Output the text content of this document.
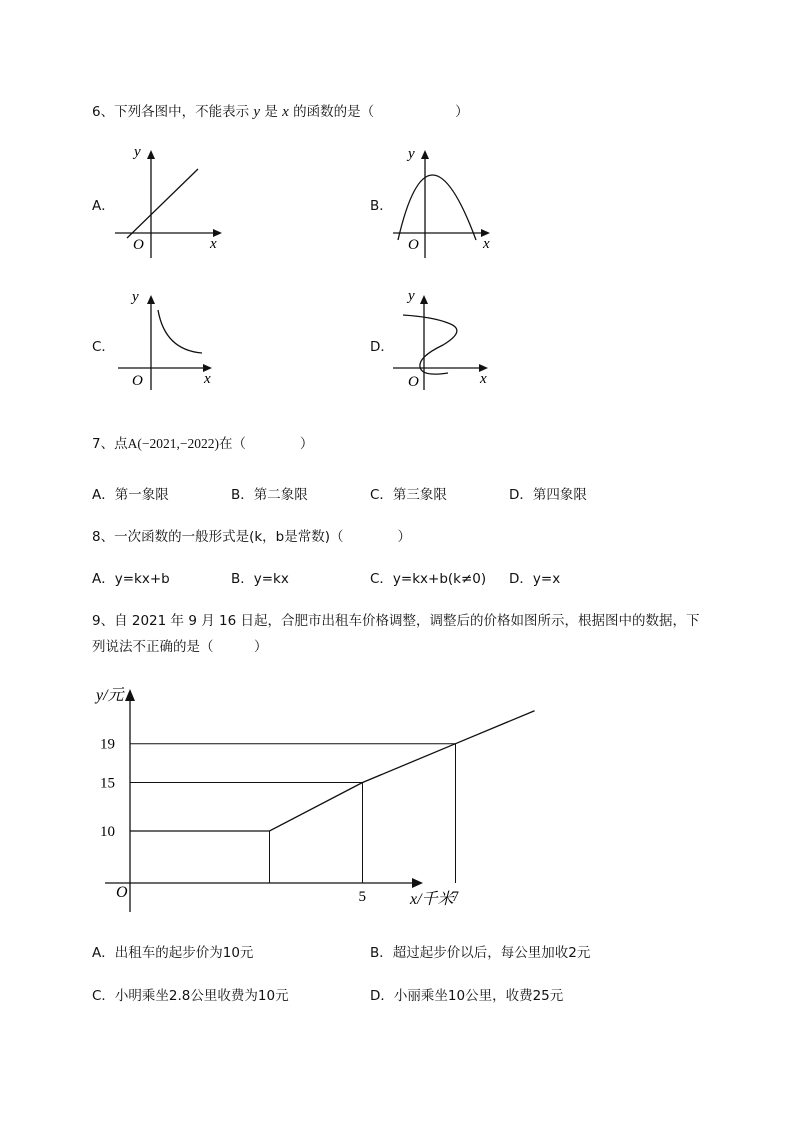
6、下列各图中，不能表示 y 是 x 的函数的是（　　　　　　）
A．
y
x
O
B．
y
x
O
C．
y
x
O
D．
y
x
O
7、点A(−2021,−2022)在（　　　　）
A．第一象限	B．第二象限	C．第三象限	D．第四象限
8、一次函数的一般形式是(k，b是常数)（　　　　）
A．y=kx+b	B．y=kx	C．y=kx+b(k≠0) D．y=x
9、自 2021 年 9 月 16 日起，合肥市出租车价格调整，调整后的价格如图所示，根据图中的数据，下
列说法不正确的是（　　　）
y/元
x/千米
O
10
15
19
5	7
A．出租车的起步价为10元	B．超过起步价以后，每公里加收2元
C．小明乘坐2.8公里收费为10元	D．小丽乘坐10公里，收费25元
